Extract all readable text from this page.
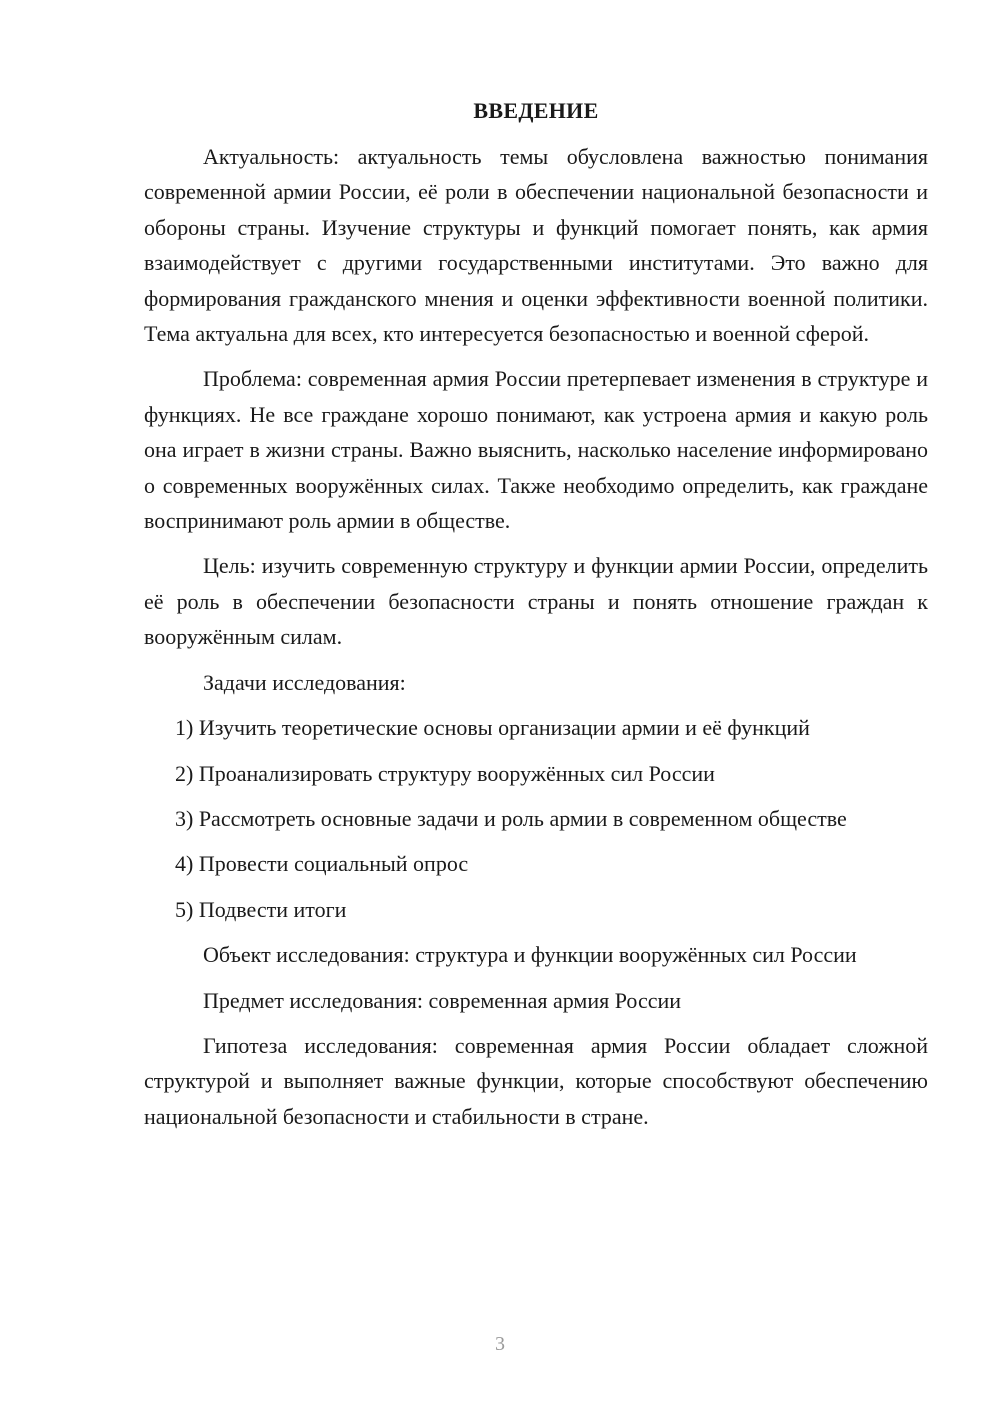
ВВЕДЕНИЕ

Актуальность: актуальность темы обусловлена важностью понимания современной армии России, её роли в обеспечении национальной безопасности и обороны страны. Изучение структуры и функций помогает понять, как армия взаимодействует с другими государственными институтами. Это важно для формирования гражданского мнения и оценки эффективности военной политики. Тема актуальна для всех, кто интересуется безопасностью и военной сферой.

Проблема: современная армия России претерпевает изменения в структуре и функциях. Не все граждане хорошо понимают, как устроена армия и какую роль она играет в жизни страны. Важно выяснить, насколько население информировано о современных вооружённых силах. Также необходимо определить, как граждане воспринимают роль армии в обществе.

Цель: изучить современную структуру и функции армии России, определить её роль в обеспечении безопасности страны и понять отношение граждан к вооружённым силам.

Задачи исследования:

1) Изучить теоретические основы организации армии и её функций

2) Проанализировать структуру вооружённых сил России

3) Рассмотреть основные задачи и роль армии в современном обществе

4) Провести социальный опрос

5) Подвести итоги

Объект исследования: структура и функции вооружённых сил России

Предмет исследования: современная армия России

Гипотеза исследования: современная армия России обладает сложной структурой и выполняет важные функции, которые способствуют обеспечению национальной безопасности и стабильности в стране.

3
